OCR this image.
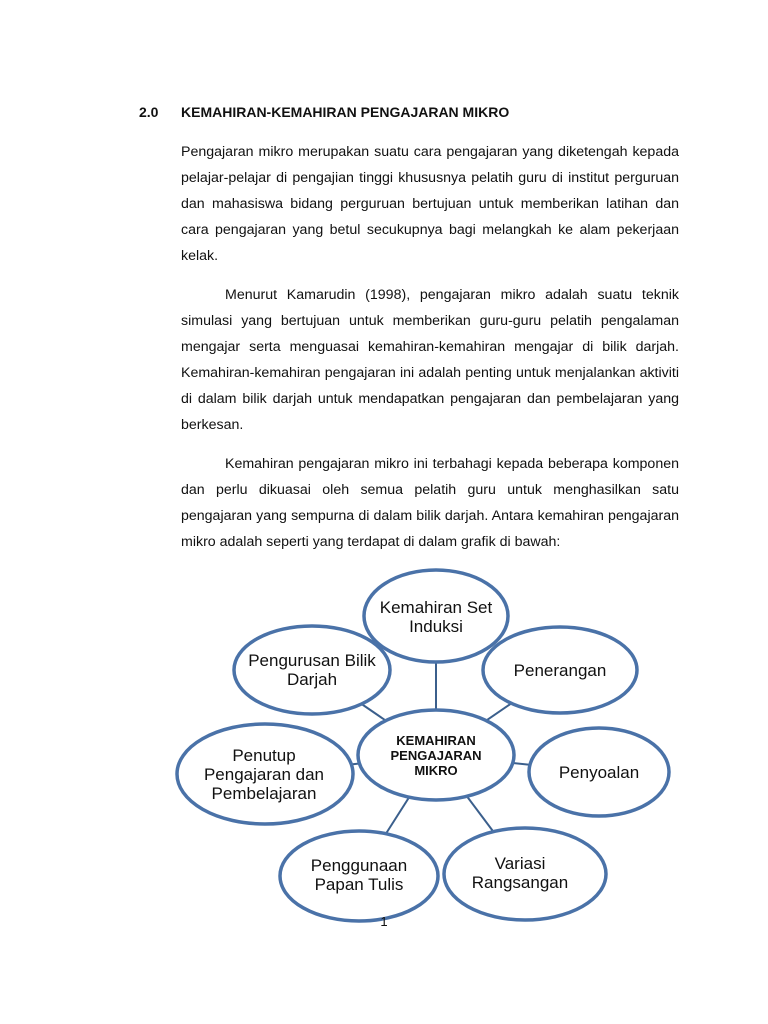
2.0	KEMAHIRAN-KEMAHIRAN PENGAJARAN MIKRO

Pengajaran mikro merupakan suatu cara pengajaran yang diketengah kepada pelajar-pelajar di pengajian tinggi khususnya pelatih guru di institut perguruan dan mahasiswa bidang perguruan bertujuan untuk memberikan latihan dan cara pengajaran yang betul secukupnya bagi melangkah ke alam pekerjaan kelak.

Menurut Kamarudin (1998), pengajaran mikro adalah suatu teknik simulasi yang bertujuan untuk memberikan guru-guru pelatih pengalaman mengajar serta menguasai kemahiran-kemahiran mengajar di bilik darjah. Kemahiran-kemahiran pengajaran ini adalah penting untuk menjalankan aktiviti di dalam bilik darjah untuk mendapatkan pengajaran dan pembelajaran yang berkesan.

Kemahiran pengajaran mikro ini terbahagi kepada beberapa komponen dan perlu dikuasai oleh semua pelatih guru untuk menghasilkan satu pengajaran yang sempurna di dalam bilik darjah. Antara kemahiran pengajaran mikro adalah seperti yang terdapat di dalam grafik di bawah:

KEMAHIRAN PENGAJARAN MIKRO
Kemahiran Set Induksi
Penerangan
Penyoalan
Variasi Rangsangan
Penggunaan Papan Tulis
Penutup Pengajaran dan Pembelajaran
Pengurusan Bilik Darjah
1
